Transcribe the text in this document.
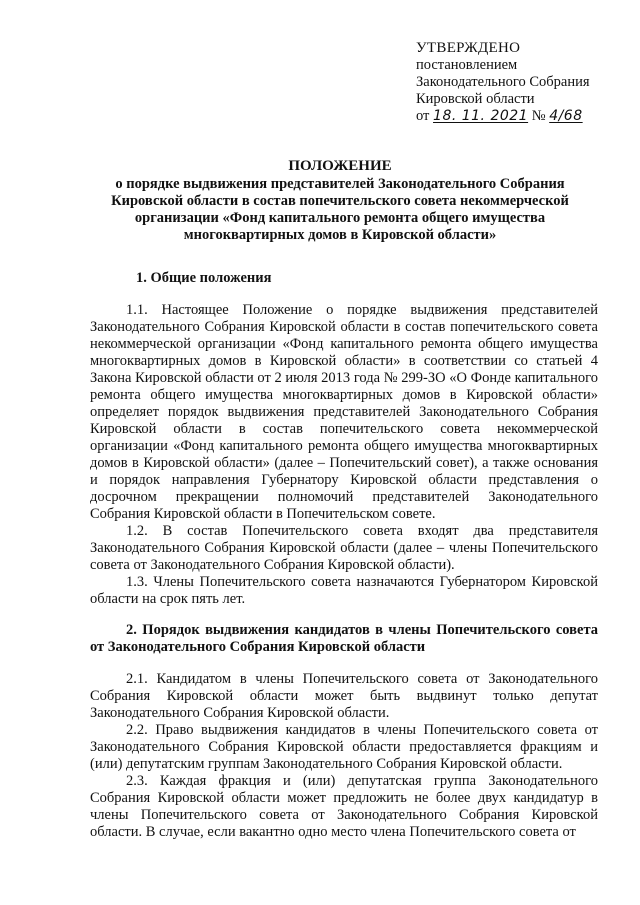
УТВЕРЖДЕНО
постановлением
Законодательного Собрания
Кировской области
от 18. 11. 2021 № 4/68
ПОЛОЖЕНИЕ
о порядке выдвижения представителей Законодательного Собрания
Кировской области в состав попечительского совета некоммерческой
организации «Фонд капитального ремонта общего имущества
многоквартирных домов в Кировской области»
1. Общие положения

1.1. Настоящее Положение о порядке выдвижения представителей Законодательного Собрания Кировской области в состав попечительского совета некоммерческой организации «Фонд капитального ремонта общего имущества многоквартирных домов в Кировской области» в соответствии со статьей 4 Закона Кировской области от 2 июля 2013 года № 299-ЗО «О Фонде капитального ремонта общего имущества многоквартирных домов в Кировской области» определяет порядок выдвижения представителей Законодательного Собрания Кировской области в состав попечительского совета некоммерческой организации «Фонд капитального ремонта общего имущества многоквартирных домов в Кировской области» (далее – Попечительский совет), а также основания и порядок направления Губернатору Кировской области представления о досрочном прекращении полномочий представителей Законодательного Собрания Кировской области в Попечительском совете.

1.2. В состав Попечительского совета входят два представителя Законодательного Собрания Кировской области (далее – члены Попечительского совета от Законодательного Собрания Кировской области).

1.3. Члены Попечительского совета назначаются Губернатором Кировской области на срок пять лет.

2. Порядок выдвижения кандидатов в члены Попечительского совета от Законодательного Собрания Кировской области

2.1. Кандидатом в члены Попечительского совета от Законодательного Собрания Кировской области может быть выдвинут только депутат Законодательного Собрания Кировской области.

2.2. Право выдвижения кандидатов в члены Попечительского совета от Законодательного Собрания Кировской области предоставляется фракциям и (или) депутатским группам Законодательного Собрания Кировской области.

2.3. Каждая фракция и (или) депутатская группа Законодательного Собрания Кировской области может предложить не более двух кандидатур в члены Попечительского совета от Законодательного Собрания Кировской области. В случае, если вакантно одно место члена Попечительского совета от
